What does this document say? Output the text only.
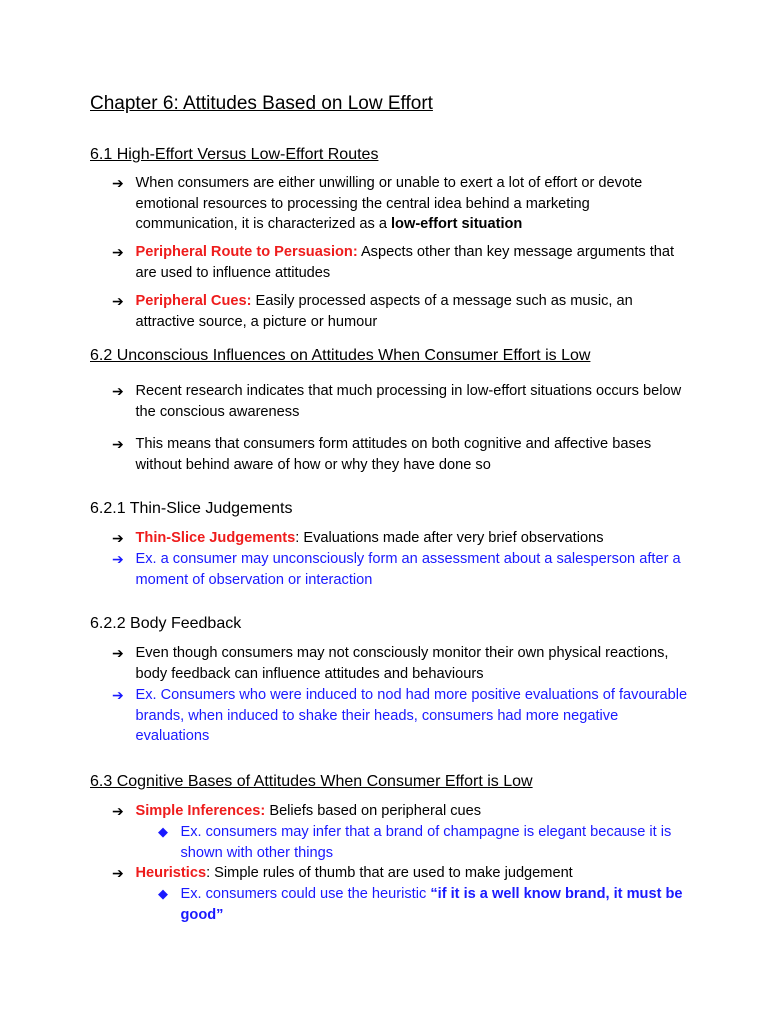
Chapter 6: Attitudes Based on Low Effort
6.1 High-Effort Versus Low-Effort Routes
➔ When consumers are either unwilling or unable to exert a lot of effort or devote emotional resources to processing the central idea behind a marketing communication, it is characterized as a low-effort situation
➔ Peripheral Route to Persuasion: Aspects other than key message arguments that are used to influence attitudes
➔ Peripheral Cues: Easily processed aspects of a message such as music, an attractive source, a picture or humour
6.2 Unconscious Influences on Attitudes When Consumer Effort is Low
➔ Recent research indicates that much processing in low-effort situations occurs below the conscious awareness
➔ This means that consumers form attitudes on both cognitive and affective bases without behind aware of how or why they have done so
6.2.1 Thin-Slice Judgements
➔ Thin-Slice Judgements: Evaluations made after very brief observations
➔ Ex. a consumer may unconsciously form an assessment about a salesperson after a moment of observation or interaction
6.2.2 Body Feedback
➔ Even though consumers may not consciously monitor their own physical reactions, body feedback can influence attitudes and behaviours
➔ Ex. Consumers who were induced to nod had more positive evaluations of favourable brands, when induced to shake their heads, consumers had more negative evaluations
6.3 Cognitive Bases of Attitudes When Consumer Effort is Low
➔ Simple Inferences: Beliefs based on peripheral cues
◆ Ex. consumers may infer that a brand of champagne is elegant because it is shown with other things
➔ Heuristics: Simple rules of thumb that are used to make judgement
◆ Ex. consumers could use the heuristic “if it is a well know brand, it must be good”
